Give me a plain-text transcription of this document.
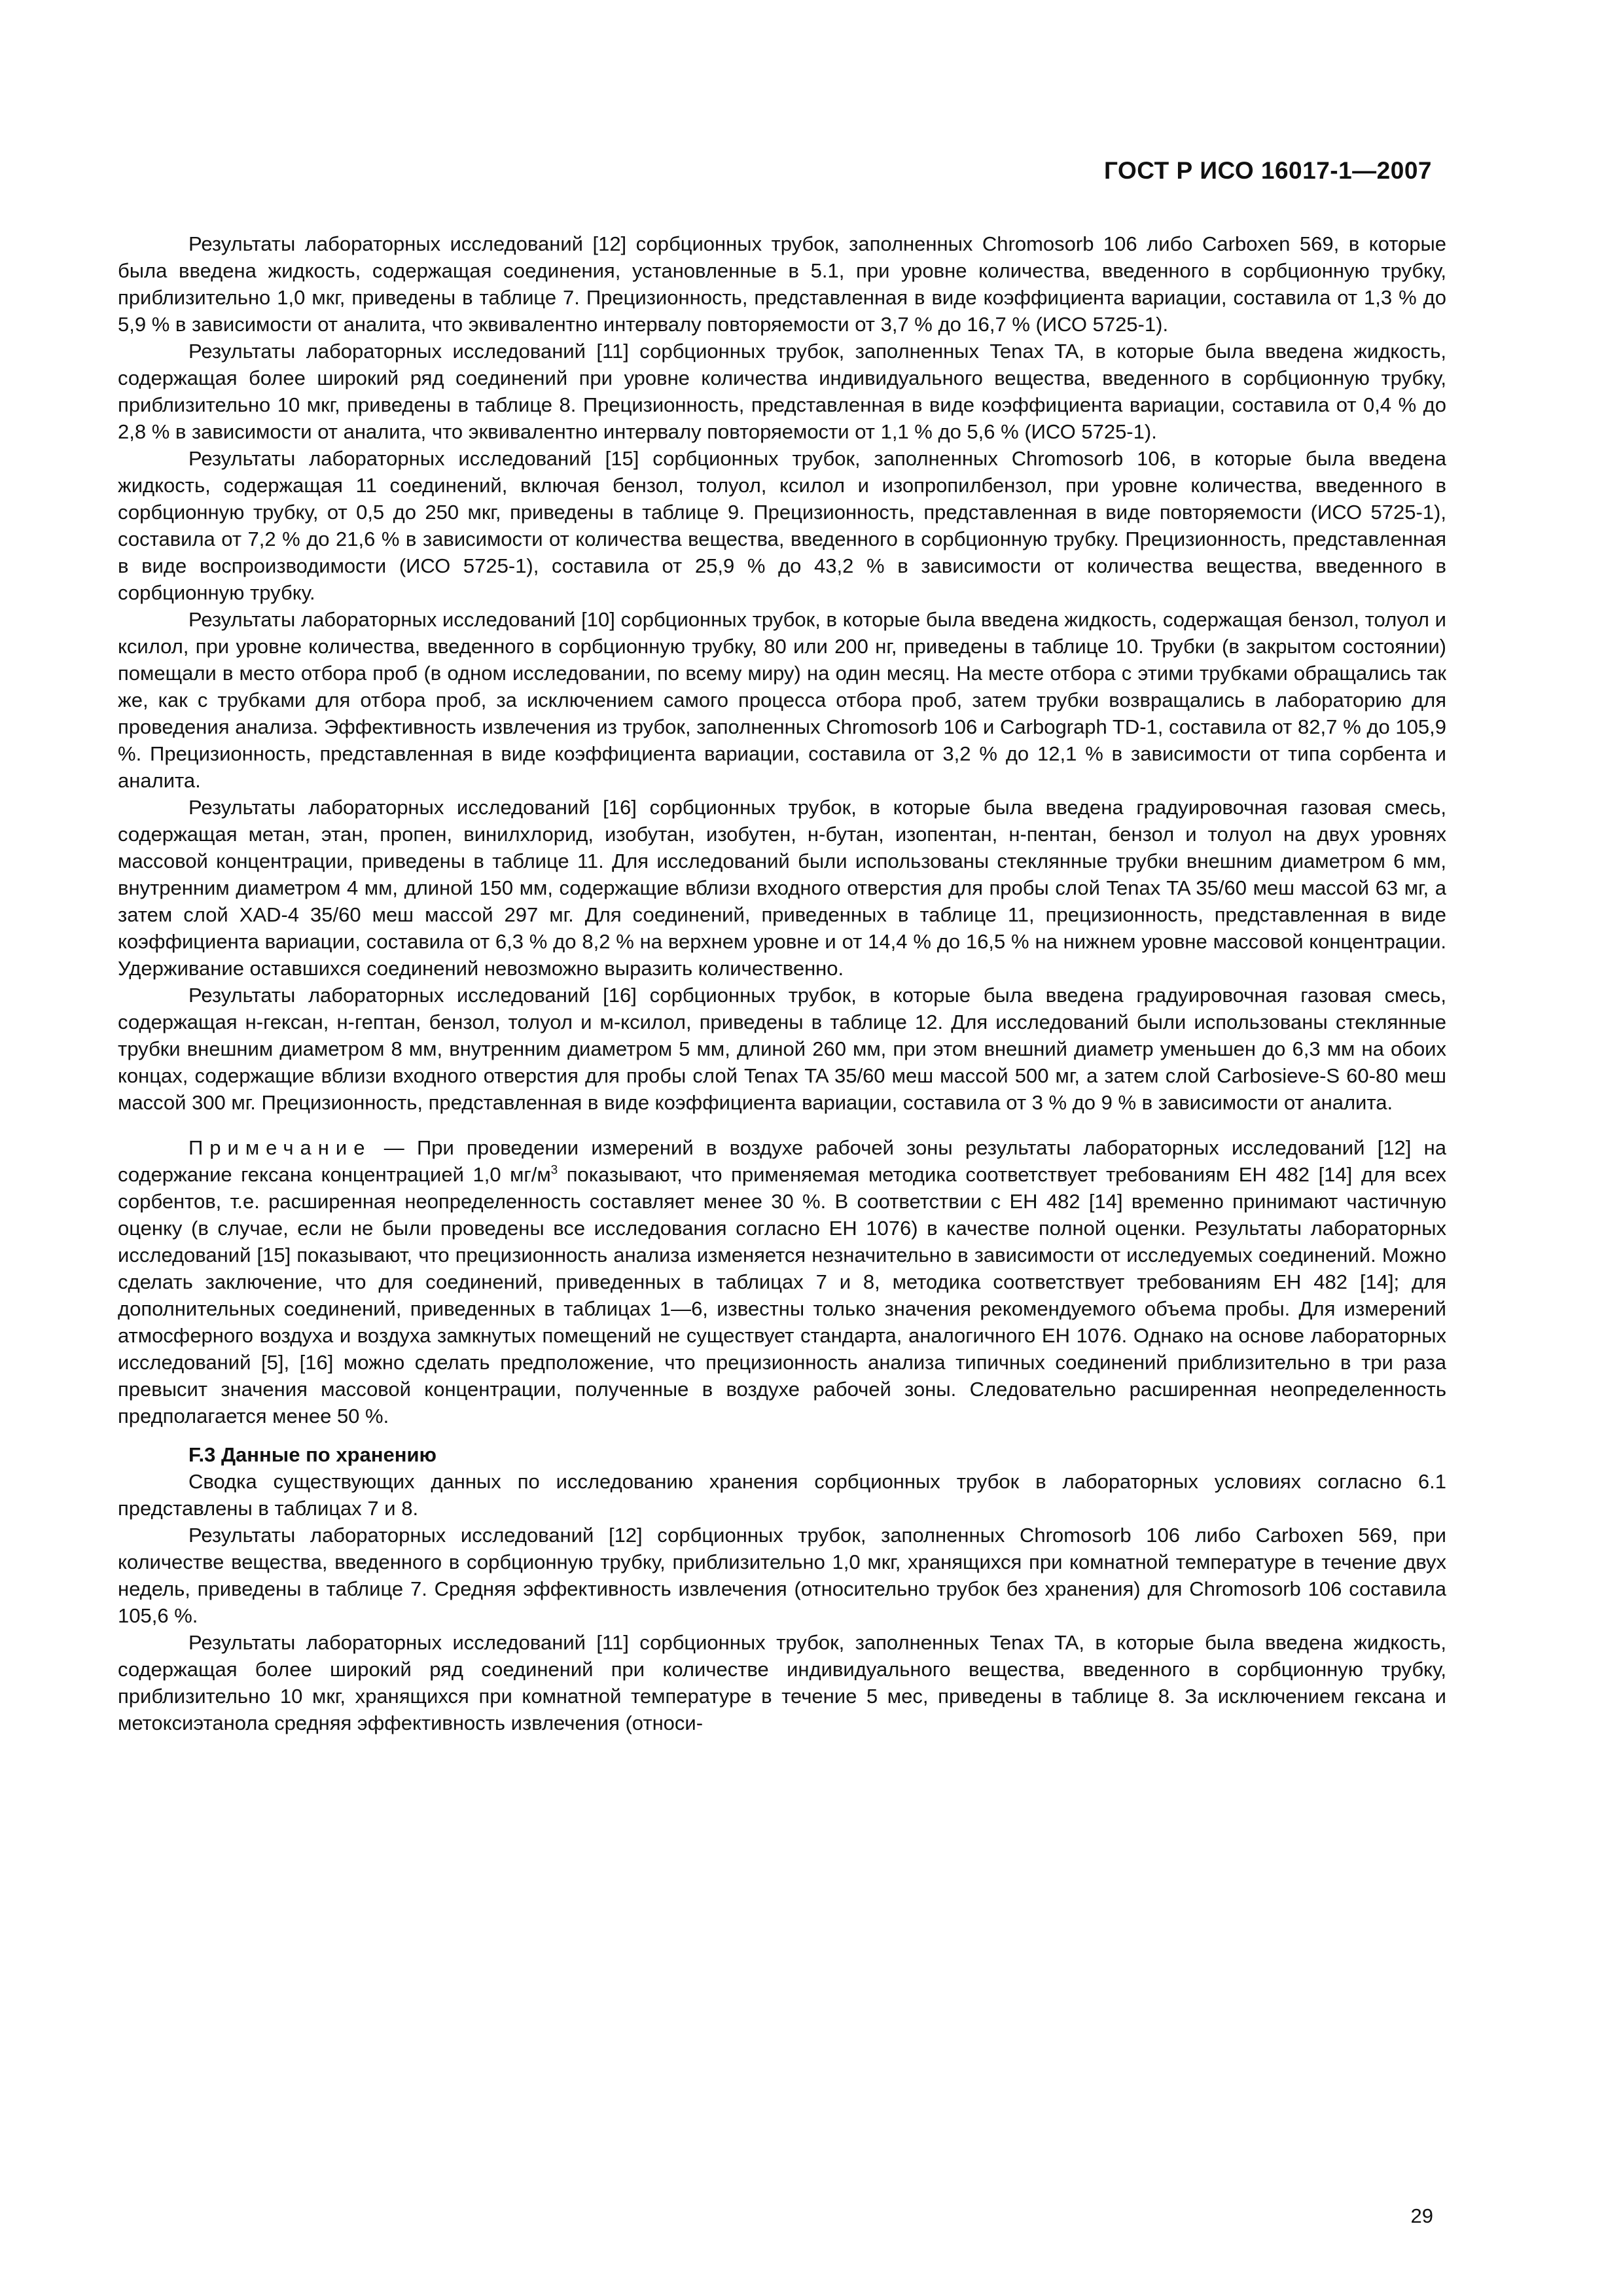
ГОСТ Р ИСО 16017-1—2007

Результаты лабораторных исследований [12] сорбционных трубок, заполненных Chromosorb 106 либо Carboxen 569, в которые была введена жидкость, содержащая соединения, установленные в 5.1, при уровне количества, введенного в сорбционную трубку, приблизительно 1,0 мкг, приведены в таблице 7. Прецизионность, представленная в виде коэффициента вариации, составила от 1,3 % до 5,9 % в зависимости от аналита, что эквивалентно интервалу повторяемости от 3,7 % до 16,7 % (ИСО 5725-1).

Результаты лабораторных исследований [11] сорбционных трубок, заполненных Tenax TA, в которые была введена жидкость, содержащая более широкий ряд соединений при уровне количества индивидуального вещества, введенного в сорбционную трубку, приблизительно 10 мкг, приведены в таблице 8. Прецизионность, представленная в виде коэффициента вариации, составила от 0,4 % до 2,8 % в зависимости от аналита, что эквивалентно интервалу повторяемости от 1,1 % до 5,6 % (ИСО 5725-1).

Результаты лабораторных исследований [15] сорбционных трубок, заполненных Chromosorb 106, в которые была введена жидкость, содержащая 11 соединений, включая бензол, толуол, ксилол и изопропилбензол, при уровне количества, введенного в сорбционную трубку, от 0,5 до 250 мкг, приведены в таблице 9. Прецизионность, представленная в виде повторяемости (ИСО 5725-1), составила от 7,2 % до 21,6 % в зависимости от количества вещества, введенного в сорбционную трубку. Прецизионность, представленная в виде воспроизводимости (ИСО 5725-1), составила от 25,9 % до 43,2 % в зависимости от количества вещества, введенного в сорбционную трубку.

Результаты лабораторных исследований [10] сорбционных трубок, в которые была введена жидкость, содержащая бензол, толуол и ксилол, при уровне количества, введенного в сорбционную трубку, 80 или 200 нг, приведены в таблице 10. Трубки (в закрытом состоянии) помещали в место отбора проб (в одном исследовании, по всему миру) на один месяц. На месте отбора с этими трубками обращались так же, как с трубками для отбора проб, за исключением самого процесса отбора проб, затем трубки возвращались в лабораторию для проведения анализа. Эффективность извлечения из трубок, заполненных Chromosorb 106 и Carbograph TD-1, составила от 82,7 % до 105,9 %. Прецизионность, представленная в виде коэффициента вариации, составила от 3,2 % до 12,1 % в зависимости от типа сорбента и аналита.

Результаты лабораторных исследований [16] сорбционных трубок, в которые была введена градуировочная газовая смесь, содержащая метан, этан, пропен, винилхлорид, изобутан, изобутен, н-бутан, изопентан, н-пентан, бензол и толуол на двух уровнях массовой концентрации, приведены в таблице 11. Для исследований были использованы стеклянные трубки внешним диаметром 6 мм, внутренним диаметром 4 мм, длиной 150 мм, содержащие вблизи входного отверстия для пробы слой Tenax TA 35/60 меш массой 63 мг, а затем слой XAD-4 35/60 меш массой 297 мг. Для соединений, приведенных в таблице 11, прецизионность, представленная в виде коэффициента вариации, составила от 6,3 % до 8,2 % на верхнем уровне и от 14,4 % до 16,5 % на нижнем уровне массовой концентрации. Удерживание оставшихся соединений невозможно выразить количественно.

Результаты лабораторных исследований [16] сорбционных трубок, в которые была введена градуировочная газовая смесь, содержащая н-гексан, н-гептан, бензол, толуол и м-ксилол, приведены в таблице 12. Для исследований были использованы стеклянные трубки внешним диаметром 8 мм, внутренним диаметром 5 мм, длиной 260 мм, при этом внешний диаметр уменьшен до 6,3 мм на обоих концах, содержащие вблизи входного отверстия для пробы слой Tenax TA 35/60 меш массой 500 мг, а затем слой Carbosieve-S 60-80 меш массой 300 мг. Прецизионность, представленная в виде коэффициента вариации, составила от 3 % до 9 % в зависимости от аналита.

Примечание — При проведении измерений в воздухе рабочей зоны результаты лабораторных исследований [12] на содержание гексана концентрацией 1,0 $мг/м^3$ показывают, что применяемая методика соответствует требованиям ЕН 482 [14] для всех сорбентов, т.е. расширенная неопределенность составляет менее 30 %. В соответствии с ЕН 482 [14] временно принимают частичную оценку (в случае, если не были проведены все исследования согласно ЕН 1076) в качестве полной оценки. Результаты лабораторных исследований [15] показывают, что прецизионность анализа изменяется незначительно в зависимости от исследуемых соединений. Можно сделать заключение, что для соединений, приведенных в таблицах 7 и 8, методика соответствует требованиям ЕН 482 [14]; для дополнительных соединений, приведенных в таблицах 1—6, известны только значения рекомендуемого объема пробы. Для измерений атмосферного воздуха и воздуха замкнутых помещений не существует стандарта, аналогичного ЕН 1076. Однако на основе лабораторных исследований [5], [16] можно сделать предположение, что прецизионность анализа типичных соединений приблизительно в три раза превысит значения массовой концентрации, полученные в воздухе рабочей зоны. Следовательно расширенная неопределенность предполагается менее 50 %.

F.3 Данные по хранению

Сводка существующих данных по исследованию хранения сорбционных трубок в лабораторных условиях согласно 6.1 представлены в таблицах 7 и 8.

Результаты лабораторных исследований [12] сорбционных трубок, заполненных Chromosorb 106 либо Carboxen 569, при количестве вещества, введенного в сорбционную трубку, приблизительно 1,0 мкг, хранящихся при комнатной температуре в течение двух недель, приведены в таблице 7. Средняя эффективность извлечения (относительно трубок без хранения) для Chromosorb 106 составила 105,6 %.

Результаты лабораторных исследований [11] сорбционных трубок, заполненных Tenax TA, в которые была введена жидкость, содержащая более широкий ряд соединений при количестве индивидуального вещества, введенного в сорбционную трубку, приблизительно 10 мкг, хранящихся при комнатной температуре в течение 5 мес, приведены в таблице 8. За исключением гексана и метоксиэтанола средняя эффективность извлечения (относи-

29
